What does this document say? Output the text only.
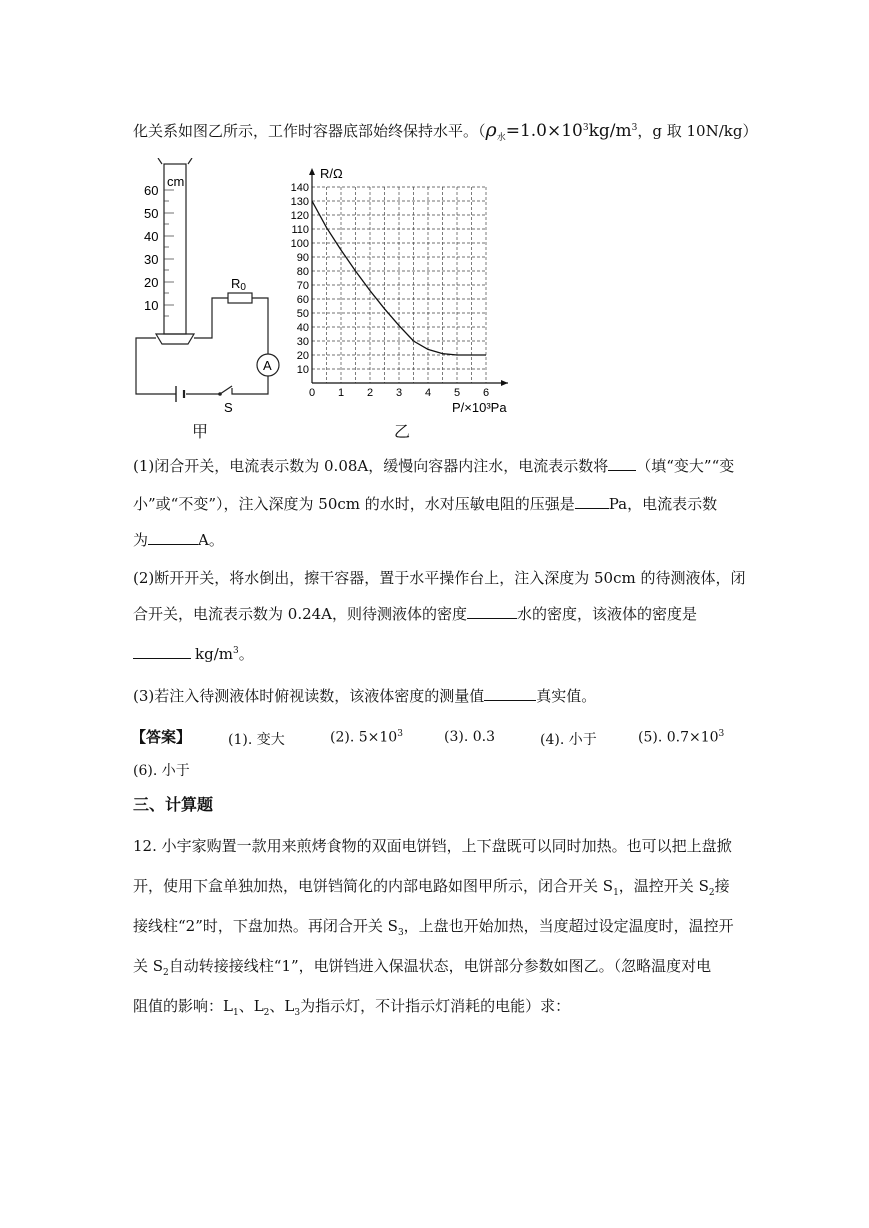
化关系如图乙所示，工作时容器底部始终保持水平。（$\rho_水=1.0\times 10^3kg/m^3$，g 取 10N/kg）
cm
60
50
40
30
20
10
S
A
R0
甲
0 1 2 3 4 5 6
10
20
30
40
50
60
70
80
90
100
110
120
130
140
R/Ω
P/×10³Pa
乙
(1)闭合开关，电流表示数为 0.08A，缓慢向容器内注水，电流表示数将 （填“变大”“变
小”或“不变”），注入深度为 50cm 的水时，水对压敏电阻的压强是 Pa，电流表示数
为	A。
(2)断开开关，将水倒出，擦干容器，置于水平操作台上，注入深度为 50cm 的待测液体，闭
合开关，电流表示数为 0.24A，则待测液体的密度	水的密度，该液体的密度是
$kg/m^3$。
(3)若注入待测液体时俯视读数，该液体密度的测量值	真实值。
【答案】	(1). 变大	(2). $5\times 10^3$	(3). 0.3	(4). 小于	(5). $0.7\times 10^3$
(6). 小于
三、计算题
12. 小宇家购置一款用来煎烤食物的双面电饼铛，上下盘既可以同时加热。也可以把上盘掀
开，使用下盒单独加热，电饼铛简化的内部电路如图甲所示，闭合开关 $S_1$，温控开关 $S_2$接
接线柱“2”时，下盘加热。再闭合开关 $S_3$，上盘也开始加热，当度超过设定温度时，温控开
关 $S_2$自动转接接线柱“1”，电饼铛进入保温状态，电饼部分参数如图乙。（忽略温度对电
阻值的影响：$L_1$、$L_2$、$L_3$为指示灯，不计指示灯消耗的电能）求：
